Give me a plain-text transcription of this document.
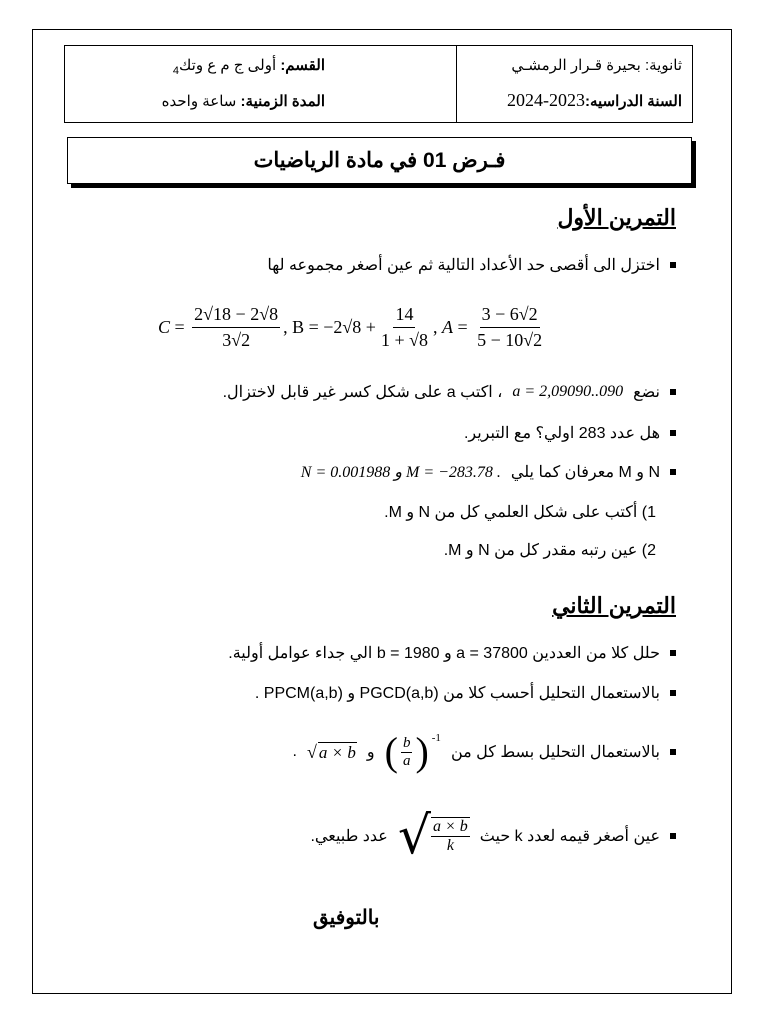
القسم: أولى ج م ع وتك$_4$
المدة الزمنية: ساعة واحده
ثانوية: بحيرة قـرار الرمشـي
السنة الدراسيه:2024-2023
فـرض 01 في مادة الرياضيات
التمرين الأول
اختزل الى أقصى حد الأعداد التالية ثم عين أصغر مجموعه لها
$C = \frac{2√18 - 2√8}{3√2}$ , $B = -2√8 + \frac{14}{1 + √8}$ , $A = \frac{3 - 6√2}{5 - 10√2}$
نضع
a = 2,09090..090
، اكتب a على شكل كسر غير قابل لاختزال.
هل عدد 283 اولي؟ مع التبرير.
N و M معرفان كما يلي
N = 0.001988 و M = −283.78 .
1) أكتب على شكل العلمي كل من N و M.
2) عين رتبه مقدر كل من N و M.
التمرين الثاني
حلل كلا من العددين a = 37800 و b = 1980 الي جداء عوامل أولية.
بالاستعمال التحليل أحسب كلا من PGCD(a,b) و PPCM(a,b) .
بالاستعمال التحليل بسط كل من
( $\frac{b}{a}$ ) $^{-1}$
و
√ a × b
.
عين أصغر قيمه لعدد k حيث
√ $\frac{a \times b}{k}$
عدد طبيعي.
بالتوفيق
